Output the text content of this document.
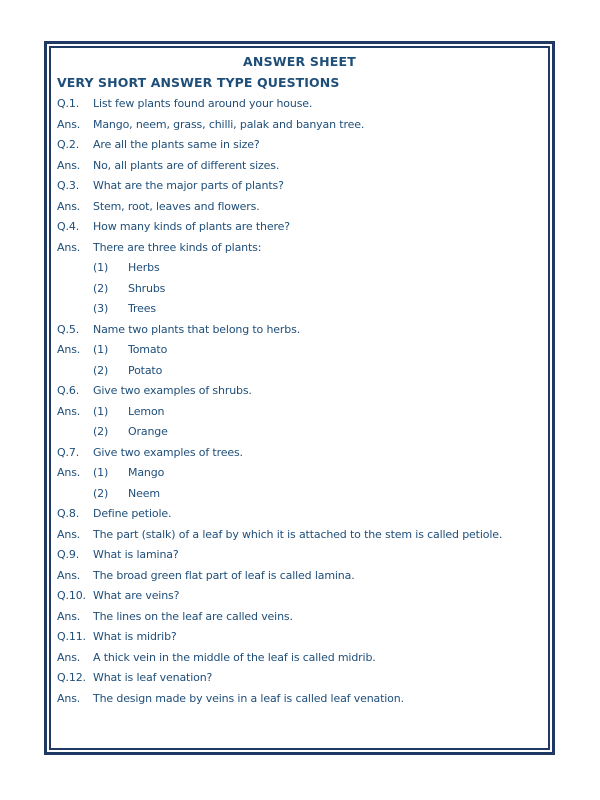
ANSWER SHEET
VERY SHORT ANSWER TYPE QUESTIONS
Q.1.	List few plants found around your house.
Ans.	Mango, neem, grass, chilli, palak and banyan tree.
Q.2.	Are all the plants same in size?
Ans.	No, all plants are of different sizes.
Q.3.	What are the major parts of plants?
Ans.	Stem, root, leaves and flowers.
Q.4.	How many kinds of plants are there?
Ans.	There are three kinds of plants:
(1)	Herbs
(2)	Shrubs
(3)	Trees
Q.5.	Name two plants that belong to herbs.
Ans.	(1)	Tomato
(2)	Potato
Q.6.	Give two examples of shrubs.
Ans.	(1)	Lemon
(2)	Orange
Q.7.	Give two examples of trees.
Ans.	(1)	Mango
(2)	Neem
Q.8.	Define petiole.
Ans.	The part (stalk) of a leaf by which it is attached to the stem is called petiole.
Q.9.	What is lamina?
Ans.	The broad green flat part of leaf is called lamina.
Q.10. What are veins?
Ans.	The lines on the leaf are called veins.
Q.11. What is midrib?
Ans.	A thick vein in the middle of the leaf is called midrib.
Q.12. What is leaf venation?
Ans.	The design made by veins in a leaf is called leaf venation.
